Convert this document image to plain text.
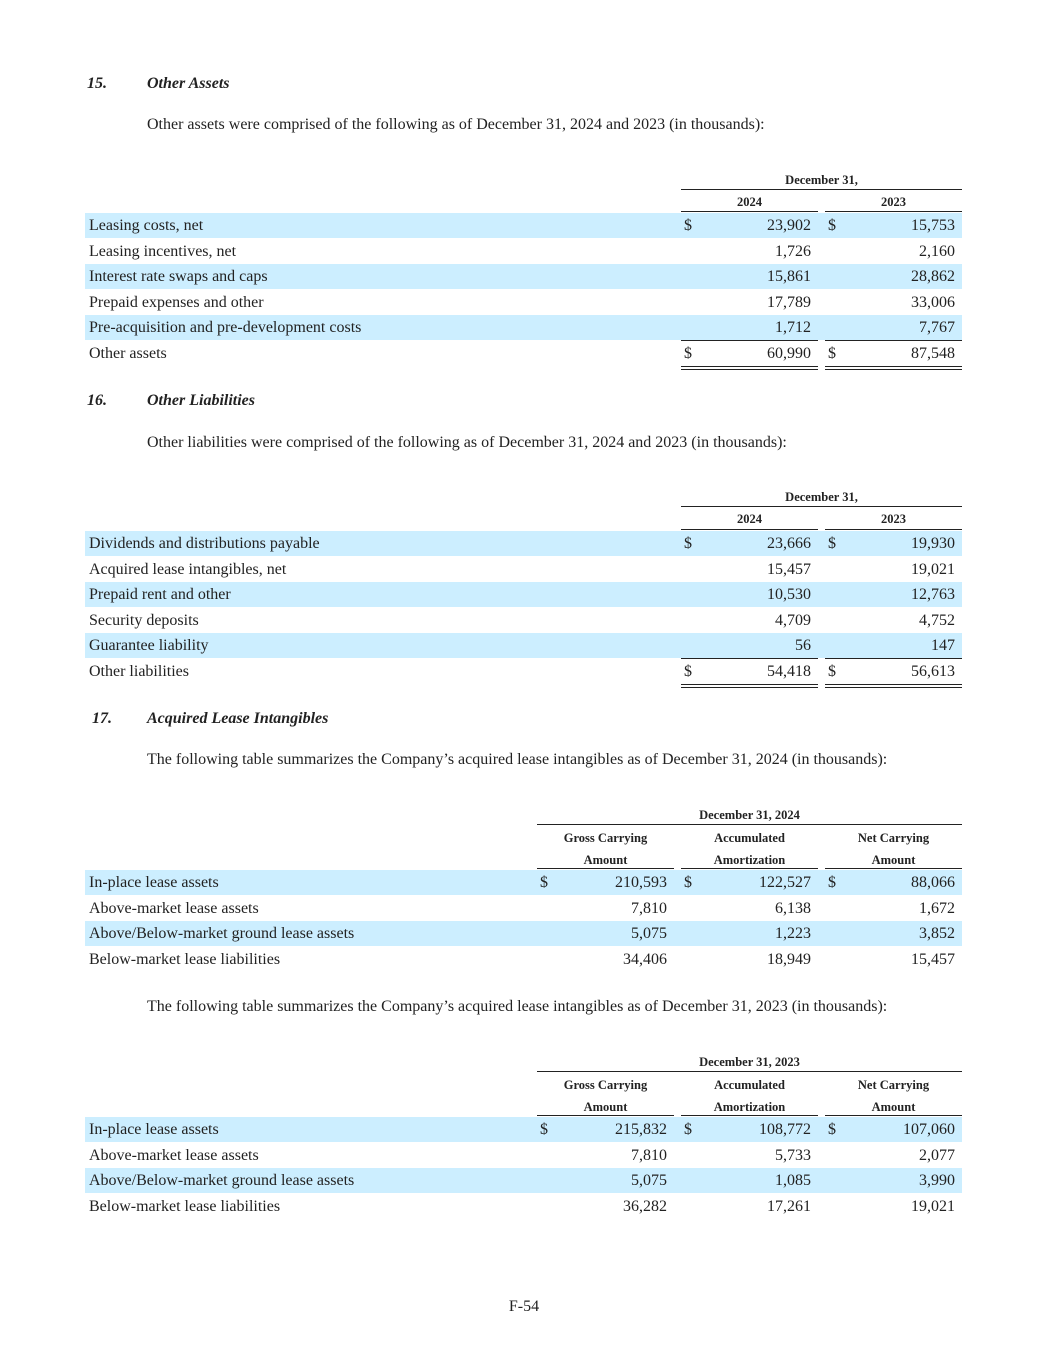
15.	Other Assets
Other assets were comprised of the following as of December 31, 2024 and 2023 (in thousands):
16.	Other Liabilities
Other liabilities were comprised of the following as of December 31, 2024 and 2023 (in thousands):
17. Acquired Lease Intangibles
The following table summarizes the Company’s acquired lease intangibles as of December 31, 2024 (in thousands):
The following table summarizes the Company’s acquired lease intangibles as of December 31, 2023 (in thousands):
December 31,
2024	2023
Leasing costs, net	$	23,902 $	15,753
Leasing incentives, net	1,726	2,160
Interest rate swaps and caps	15,861	28,862
Prepaid expenses and other	17,789	33,006
Pre-acquisition and pre-development costs	1,712	7,767
Other assets	$	60,990 $	87,548
December 31,
2024	2023
Dividends and distributions payable	$	23,666 $	19,930
Acquired lease intangibles, net	15,457	19,021
Prepaid rent and other	10,530	12,763
Security deposits	4,709	4,752
Guarantee liability	56	147
Other liabilities	$	54,418 $	56,613
December 31, 2024
Gross Carrying
Amount
Accumulated
Amortization
Net Carrying
Amount
In-place lease assets	$	210,593 $	122,527 $	88,066
Above-market lease assets	7,810	6,138	1,672
Above/Below-market ground lease assets	5,075	1,223	3,852
Below-market lease liabilities	34,406	18,949	15,457
December 31, 2023
Gross Carrying
Amount
Accumulated
Amortization
Net Carrying
Amount
In-place lease assets	$	215,832 $	108,772 $	107,060
Above-market lease assets	7,810	5,733	2,077
Above/Below-market ground lease assets	5,075	1,085	3,990
Below-market lease liabilities	36,282	17,261	19,021
F-54
